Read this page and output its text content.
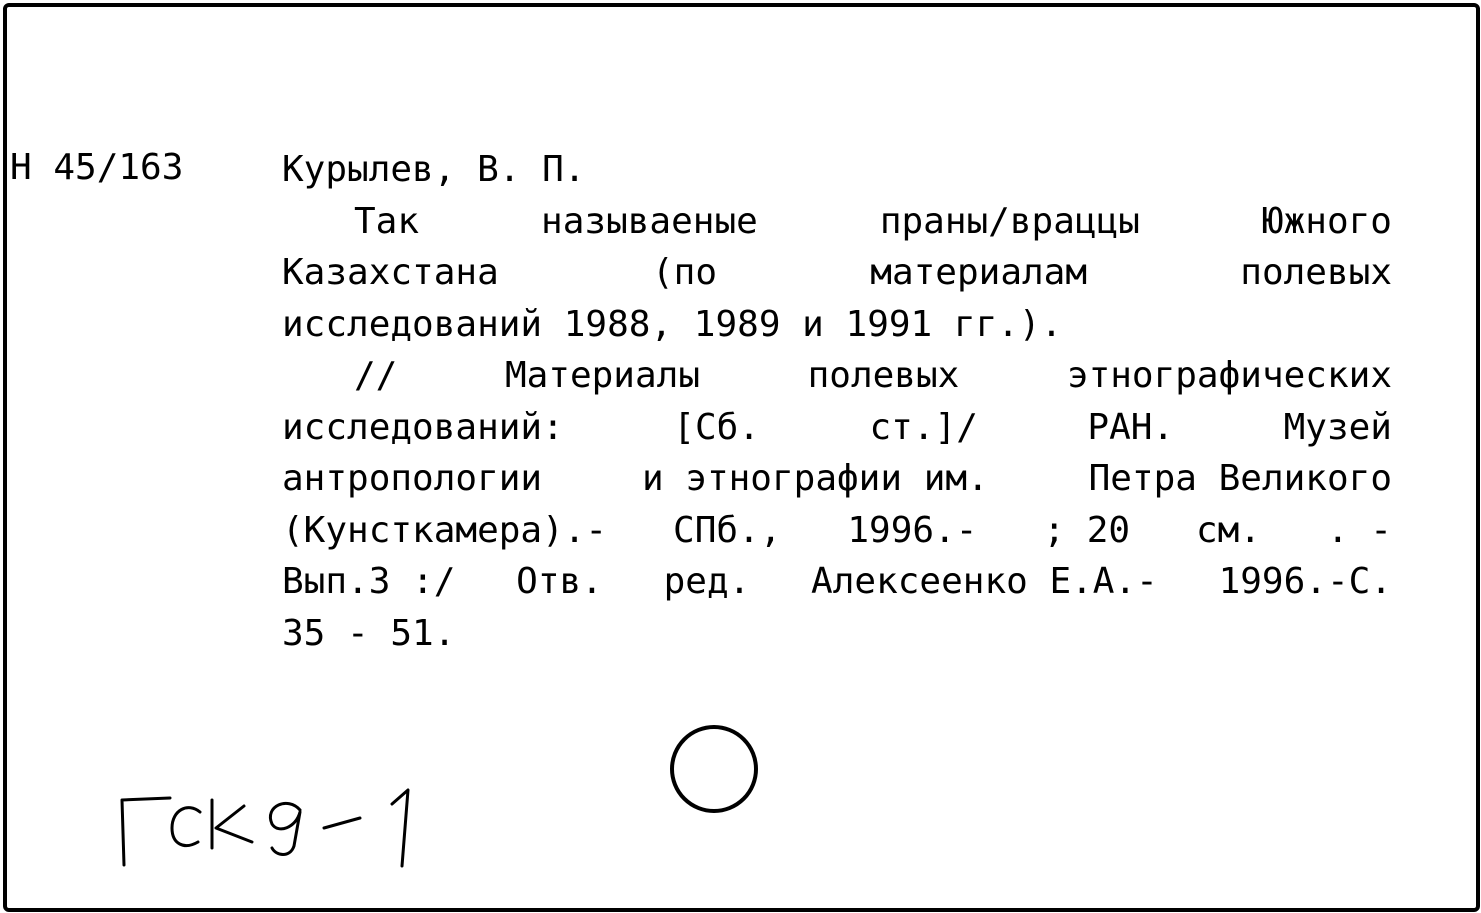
Н 45/163	Курылев, В. П.
Так	называеные	праны/враццы	Южного
Казахстана	(по	материалам	полевых
исследований 1988, 1989 и 1991 гг.).
//	Материалы	полевых	этнографических
исследований:	[Сб.	ст.]/	РАН.	Музей
антропологии	и этнографии им.	Петра Великого
(Кунсткамера).- СПб., 1996.- ; 20 см. . -
Вып.3 :/ Отв. ред. Алексеенко Е.А.- 1996.-С.
35 - 51.
